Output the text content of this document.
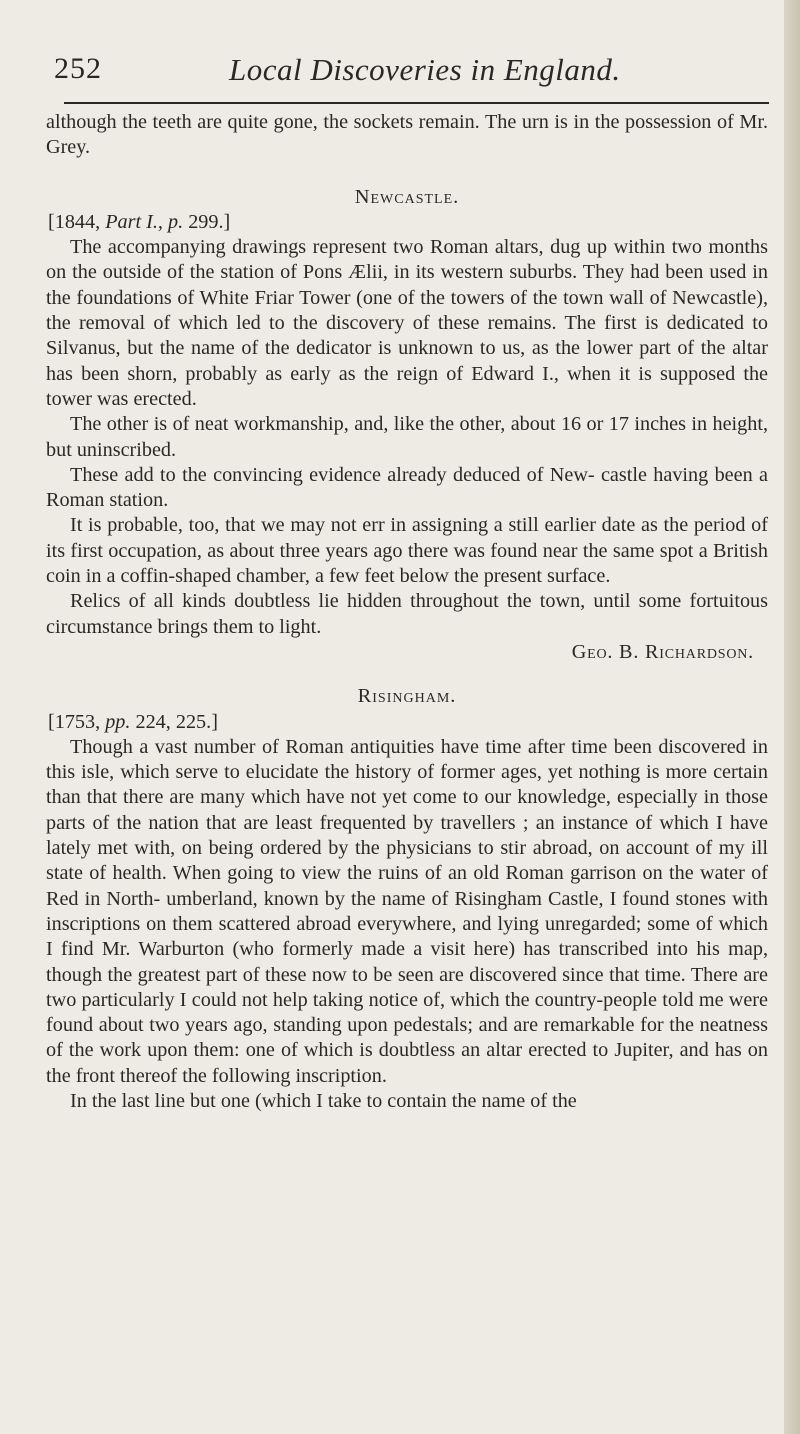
252	Local Discoveries in England.

although the teeth are quite gone, the sockets remain. The urn is in the possession of Mr. Grey.

Newcastle.

[1844, Part I., p. 299.]

The accompanying drawings represent two Roman altars, dug up within two months on the outside of the station of Pons Ælii, in its western suburbs. They had been used in the foundations of White Friar Tower (one of the towers of the town wall of Newcastle), the removal of which led to the discovery of these remains. The first is dedicated to Silvanus, but the name of the dedicator is unknown to us, as the lower part of the altar has been shorn, probably as early as the reign of Edward I., when it is supposed the tower was erected.

The other is of neat workmanship, and, like the other, about 16 or 17 inches in height, but uninscribed.

These add to the convincing evidence already deduced of New- castle having been a Roman station.

It is probable, too, that we may not err in assigning a still earlier date as the period of its first occupation, as about three years ago there was found near the same spot a British coin in a coffin-shaped chamber, a few feet below the present surface.

Relics of all kinds doubtless lie hidden throughout the town, until some fortuitous circumstance brings them to light.

Geo. B. Richardson.

Risingham.

[1753, pp. 224, 225.]

Though a vast number of Roman antiquities have time after time been discovered in this isle, which serve to elucidate the history of former ages, yet nothing is more certain than that there are many which have not yet come to our knowledge, especially in those parts of the nation that are least frequented by travellers ; an instance of which I have lately met with, on being ordered by the physicians to stir abroad, on account of my ill state of health. When going to view the ruins of an old Roman garrison on the water of Red in North- umberland, known by the name of Risingham Castle, I found stones with inscriptions on them scattered abroad everywhere, and lying unregarded; some of which I find Mr. Warburton (who formerly made a visit here) has transcribed into his map, though the greatest part of these now to be seen are discovered since that time. There are two particularly I could not help taking notice of, which the country-people told me were found about two years ago, standing upon pedestals; and are remarkable for the neatness of the work upon them: one of which is doubtless an altar erected to Jupiter, and has on the front thereof the following inscription.

In the last line but one (which I take to contain the name of the
